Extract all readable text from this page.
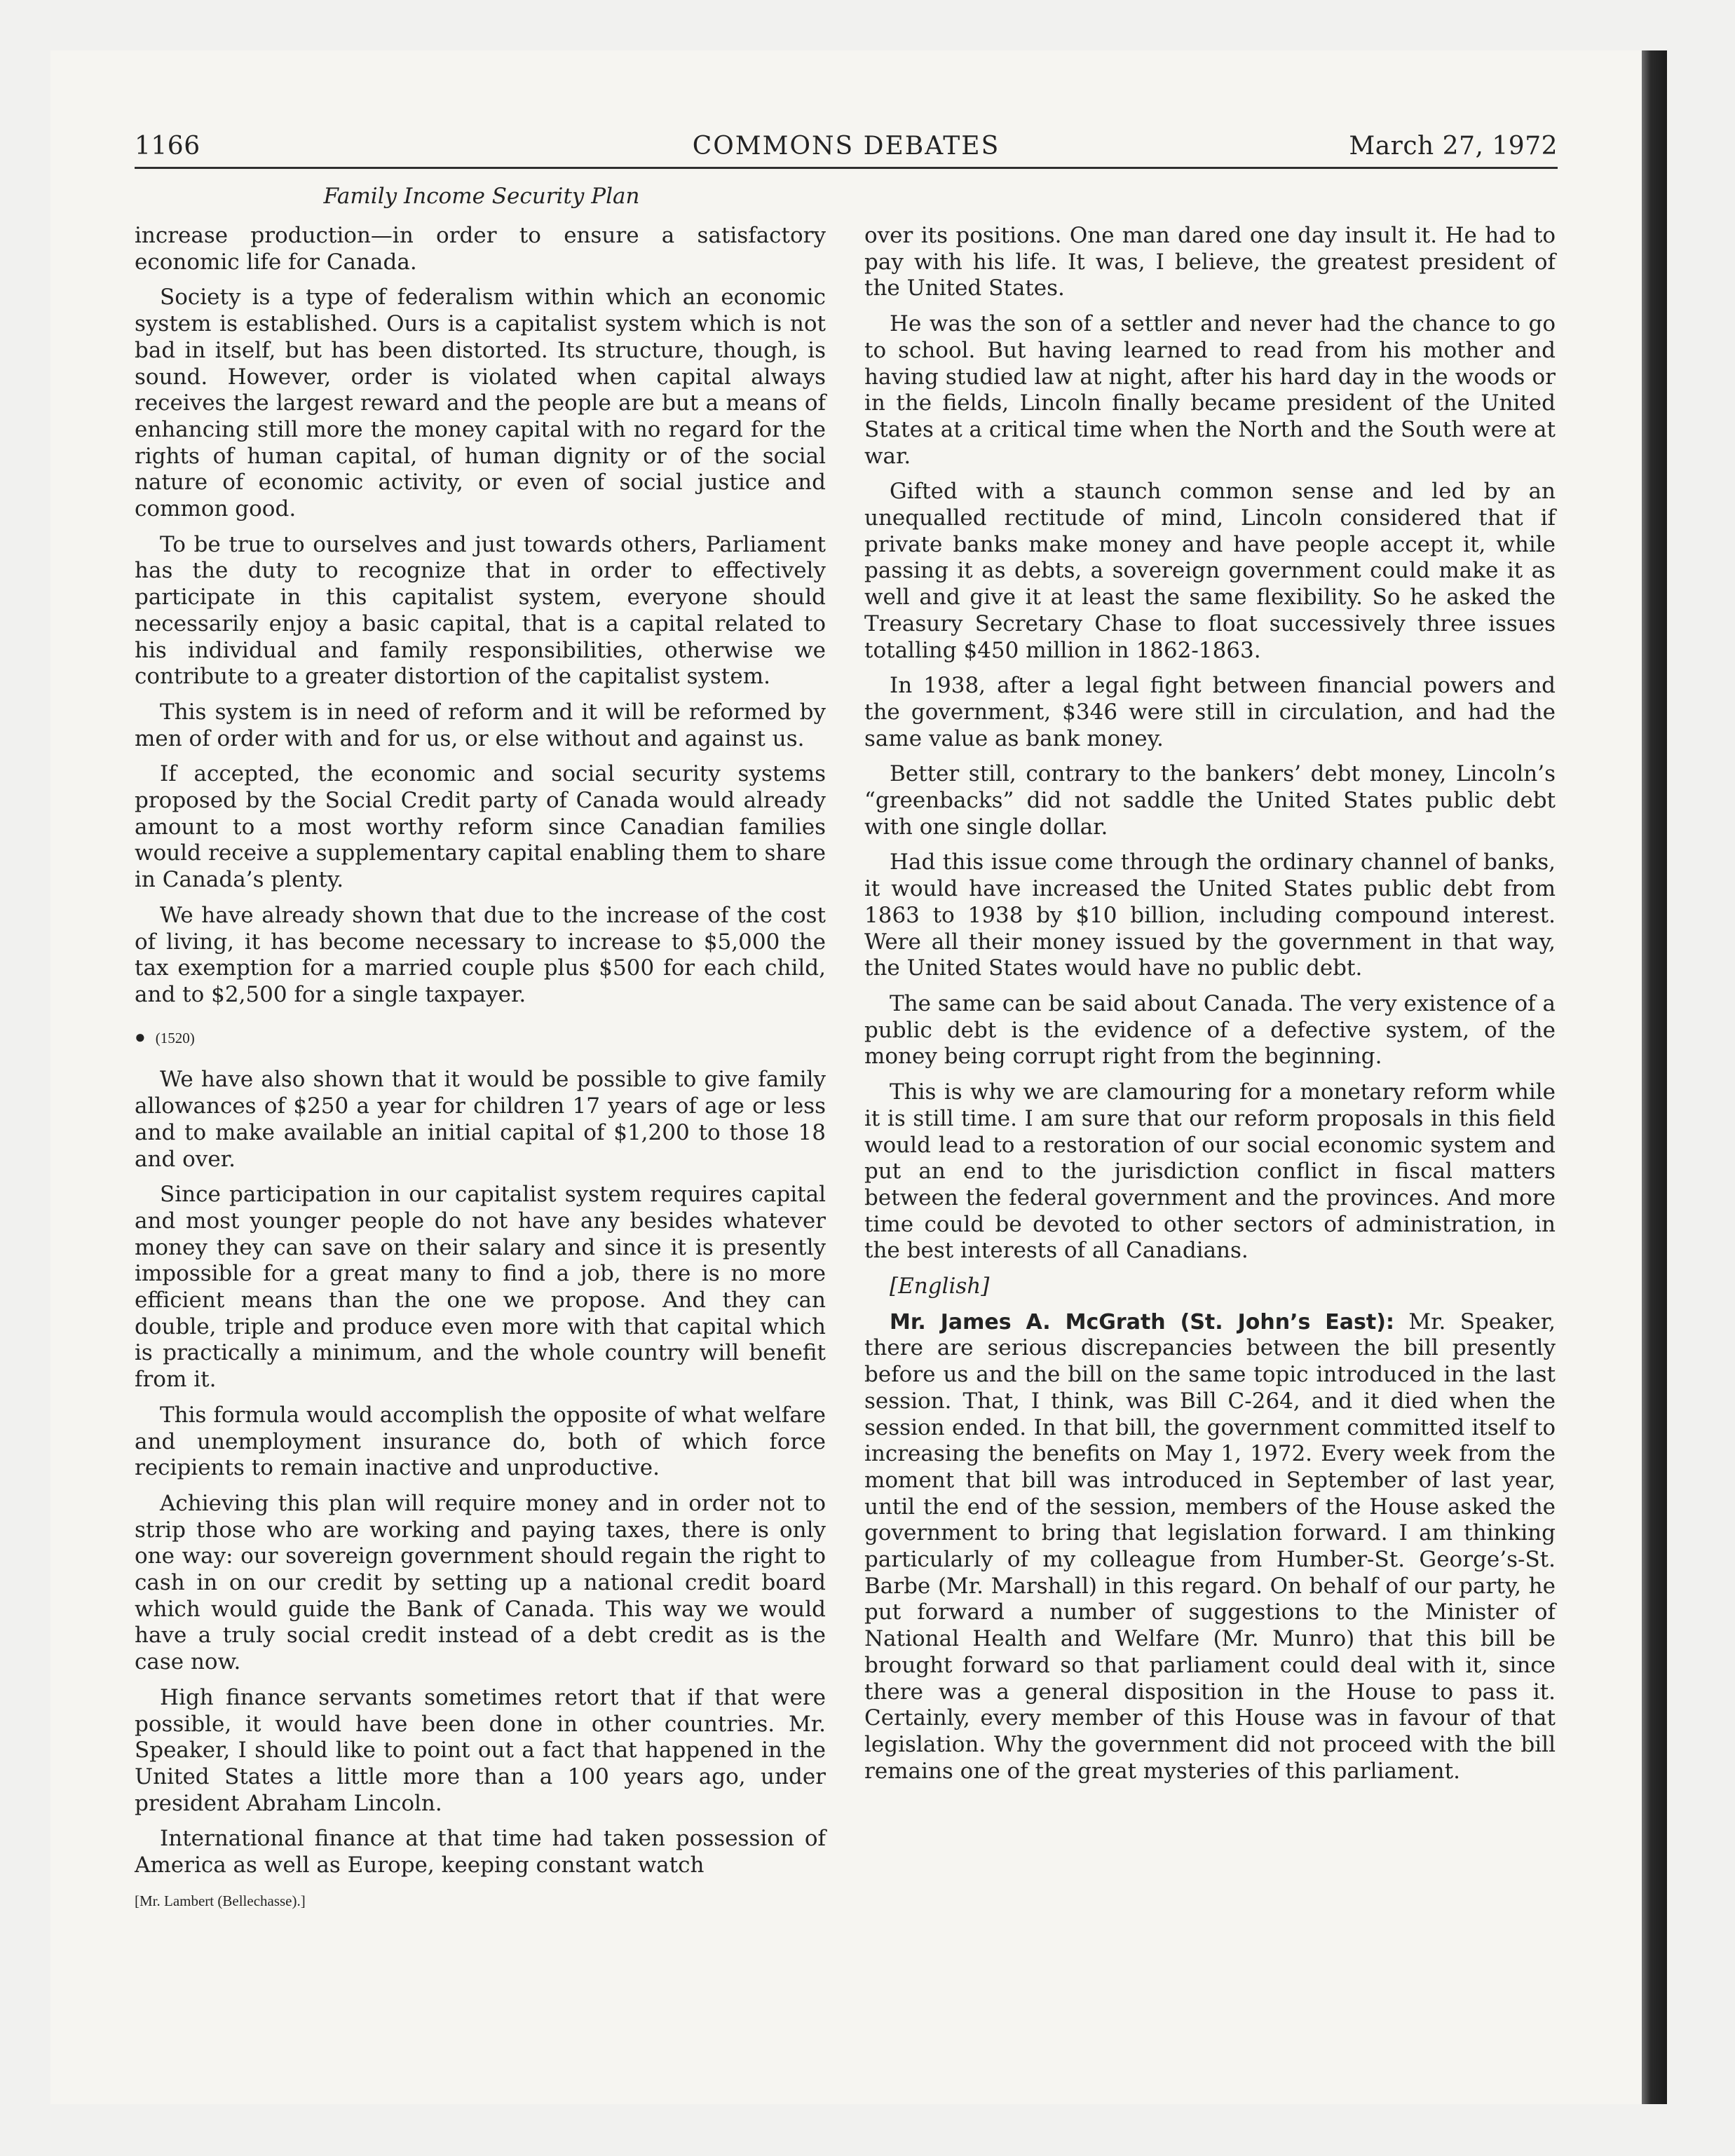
1166	COMMONS DEBATES	March 27, 1972
Family Income Security Plan

increase production—in order to ensure a satisfactory economic life for Canada.

Society is a type of federalism within which an economic system is established. Ours is a capitalist system which is not bad in itself, but has been distorted. Its structure, though, is sound. However, order is violated when capital always receives the largest reward and the people are but a means of enhancing still more the money capital with no regard for the rights of human capital, of human dignity or of the social nature of economic activity, or even of social justice and common good.

To be true to ourselves and just towards others, Parliament has the duty to recognize that in order to effectively participate in this capitalist system, everyone should necessarily enjoy a basic capital, that is a capital related to his individual and family responsibilities, otherwise we contribute to a greater distortion of the capitalist system.

This system is in need of reform and it will be reformed by men of order with and for us, or else without and against us.

If accepted, the economic and social security systems proposed by the Social Credit party of Canada would already amount to a most worthy reform since Canadian families would receive a supplementary capital enabling them to share in Canada’s plenty.

We have already shown that due to the increase of the cost of living, it has become necessary to increase to $5,000 the tax exemption for a married couple plus $500 for each child, and to $2,500 for a single taxpayer.

● (1520)

We have also shown that it would be possible to give family allowances of $250 a year for children 17 years of age or less and to make available an initial capital of $1,200 to those 18 and over.

Since participation in our capitalist system requires capital and most younger people do not have any besides whatever money they can save on their salary and since it is presently impossible for a great many to find a job, there is no more efficient means than the one we propose. And they can double, triple and produce even more with that capital which is practically a minimum, and the whole country will benefit from it.

This formula would accomplish the opposite of what welfare and unemployment insurance do, both of which force recipients to remain inactive and unproductive.

Achieving this plan will require money and in order not to strip those who are working and paying taxes, there is only one way: our sovereign government should regain the right to cash in on our credit by setting up a national credit board which would guide the Bank of Canada. This way we would have a truly social credit instead of a debt credit as is the case now.

High finance servants sometimes retort that if that were possible, it would have been done in other countries. Mr. Speaker, I should like to point out a fact that happened in the United States a little more than a 100 years ago, under president Abraham Lincoln.

International finance at that time had taken possession of America as well as Europe, keeping constant watch

[Mr. Lambert (Bellechasse).]

over its positions. One man dared one day insult it. He had to pay with his life. It was, I believe, the greatest president of the United States.

He was the son of a settler and never had the chance to go to school. But having learned to read from his mother and having studied law at night, after his hard day in the woods or in the fields, Lincoln finally became president of the United States at a critical time when the North and the South were at war.

Gifted with a staunch common sense and led by an unequalled rectitude of mind, Lincoln considered that if private banks make money and have people accept it, while passing it as debts, a sovereign government could make it as well and give it at least the same flexibility. So he asked the Treasury Secretary Chase to float successively three issues totalling $450 million in 1862-1863.

In 1938, after a legal fight between financial powers and the government, $346 were still in circulation, and had the same value as bank money.

Better still, contrary to the bankers’ debt money, Lincoln’s “greenbacks” did not saddle the United States public debt with one single dollar.

Had this issue come through the ordinary channel of banks, it would have increased the United States public debt from 1863 to 1938 by $10 billion, including compound interest. Were all their money issued by the government in that way, the United States would have no public debt.

The same can be said about Canada. The very existence of a public debt is the evidence of a defective system, of the money being corrupt right from the beginning.

This is why we are clamouring for a monetary reform while it is still time. I am sure that our reform proposals in this field would lead to a restoration of our social economic system and put an end to the jurisdiction conflict in fiscal matters between the federal government and the provinces. And more time could be devoted to other sectors of administration, in the best interests of all Canadians.

[English]

Mr. James A. McGrath (St. John’s East): Mr. Speaker, there are serious discrepancies between the bill presently before us and the bill on the same topic introduced in the last session. That, I think, was Bill C-264, and it died when the session ended. In that bill, the government committed itself to increasing the benefits on May 1, 1972. Every week from the moment that bill was introduced in September of last year, until the end of the session, members of the House asked the government to bring that legislation forward. I am thinking particularly of my colleague from Humber-St. George’s-St. Barbe (Mr. Marshall) in this regard. On behalf of our party, he put forward a number of suggestions to the Minister of National Health and Welfare (Mr. Munro) that this bill be brought forward so that parliament could deal with it, since there was a general disposition in the House to pass it. Certainly, every member of this House was in favour of that legislation. Why the government did not proceed with the bill remains one of the great mysteries of this parliament.
